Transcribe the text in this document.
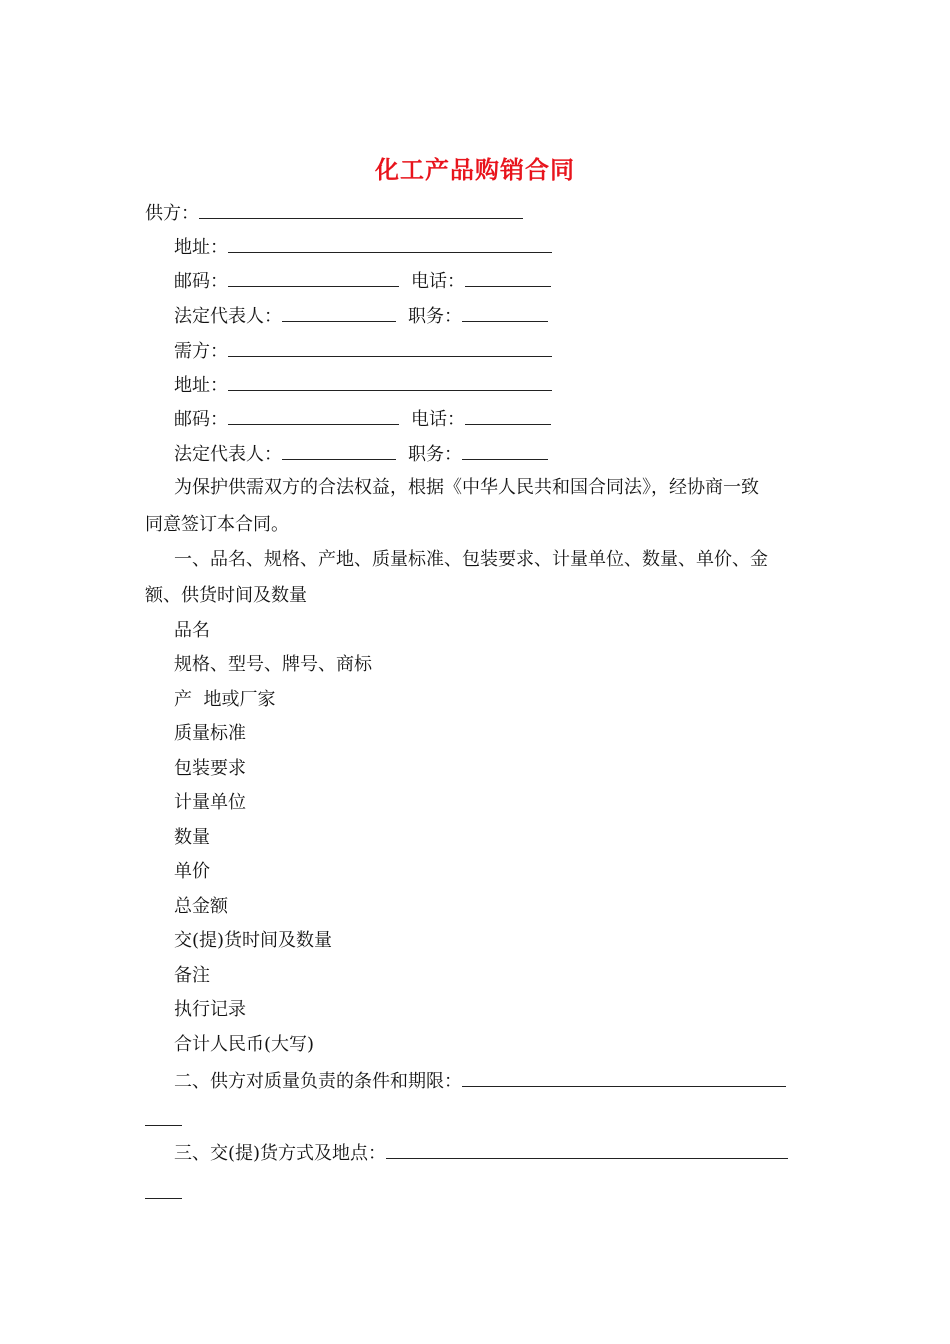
化工产品购销合同
供方：
地址：
邮码：	电话：
法定代表人：	职务：
需方：
地址：
邮码：	电话：
法定代表人：	职务：
为保护供需双方的合法权益，根据《中华人民共和国合同法》，经协商一致
同意签订本合同。
一、品名、规格、产地、质量标准、包装要求、计量单位、数量、单价、金
额、供货时间及数量
品名
规格、型号、牌号、商标
产  地或厂家
质量标准
包装要求
计量单位
数量
单价
总金额
交(提)货时间及数量
备注
执行记录
合计人民币(大写)
二、供方对质量负责的条件和期限：
三、交(提)货方式及地点：
